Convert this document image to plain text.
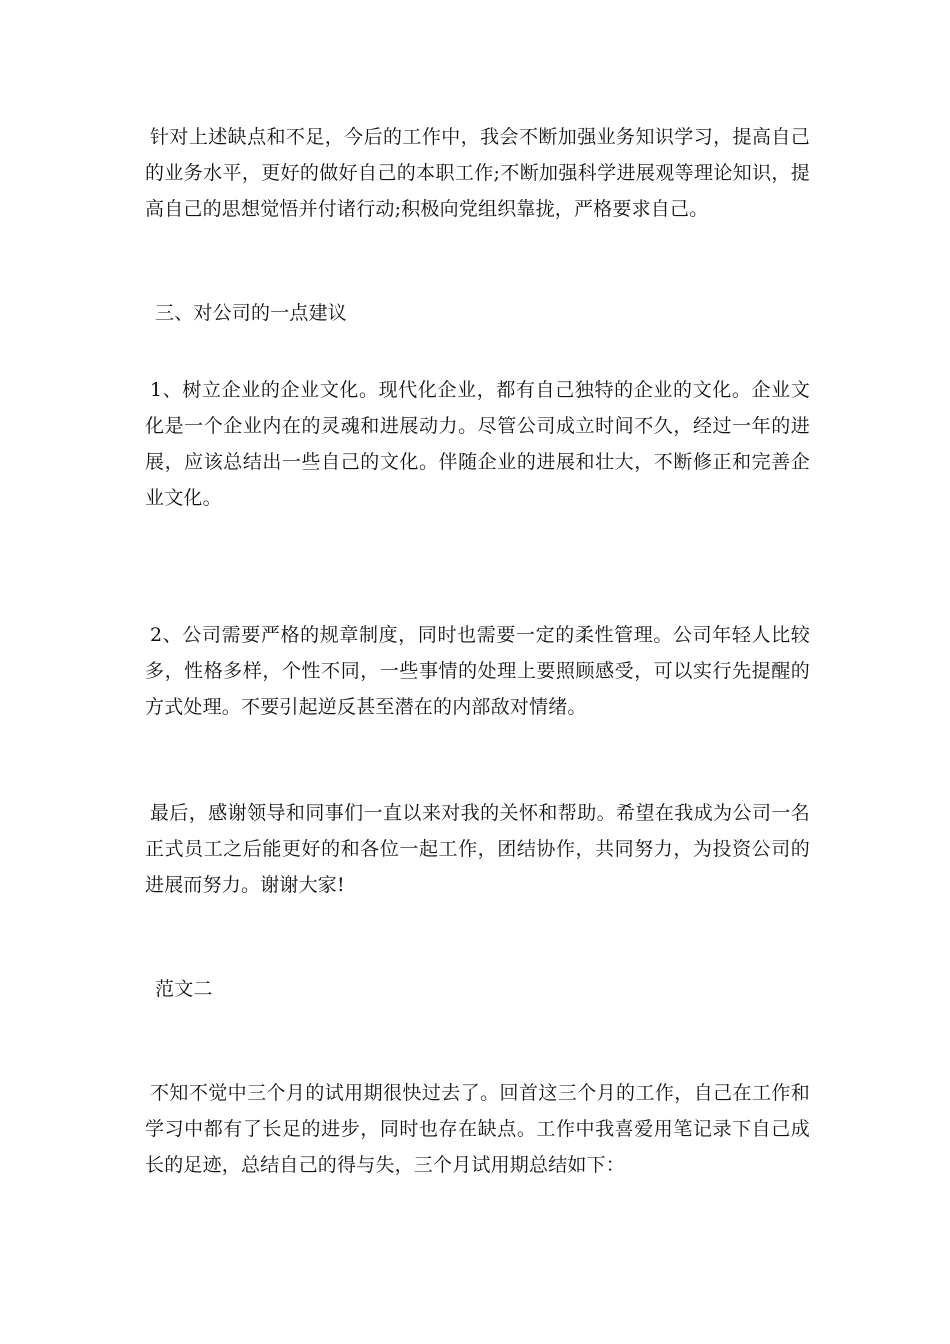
针对上述缺点和不足，今后的工作中，我会不断加强业务知识学习，提高自己的业务水平，更好的做好自己的本职工作;不断加强科学进展观等理论知识，提高自己的思想觉悟并付诸行动;积极向党组织靠拢，严格要求自己。

三、对公司的一点建议

1、树立企业的企业文化。现代化企业，都有自己独特的企业的文化。企业文化是一个企业内在的灵魂和进展动力。尽管公司成立时间不久，经过一年的进展，应该总结出一些自己的文化。伴随企业的进展和壮大，不断修正和完善企业文化。

2、公司需要严格的规章制度，同时也需要一定的柔性管理。公司年轻人比较多，性格多样，个性不同，一些事情的处理上要照顾感受，可以实行先提醒的方式处理。不要引起逆反甚至潜在的内部敌对情绪。

最后，感谢领导和同事们一直以来对我的关怀和帮助。希望在我成为公司一名正式员工之后能更好的和各位一起工作，团结协作，共同努力，为投资公司的进展而努力。谢谢大家!

范文二

不知不觉中三个月的试用期很快过去了。回首这三个月的工作，自己在工作和学习中都有了长足的进步，同时也存在缺点。工作中我喜爱用笔记录下自己成长的足迹，总结自己的得与失，三个月试用期总结如下：
